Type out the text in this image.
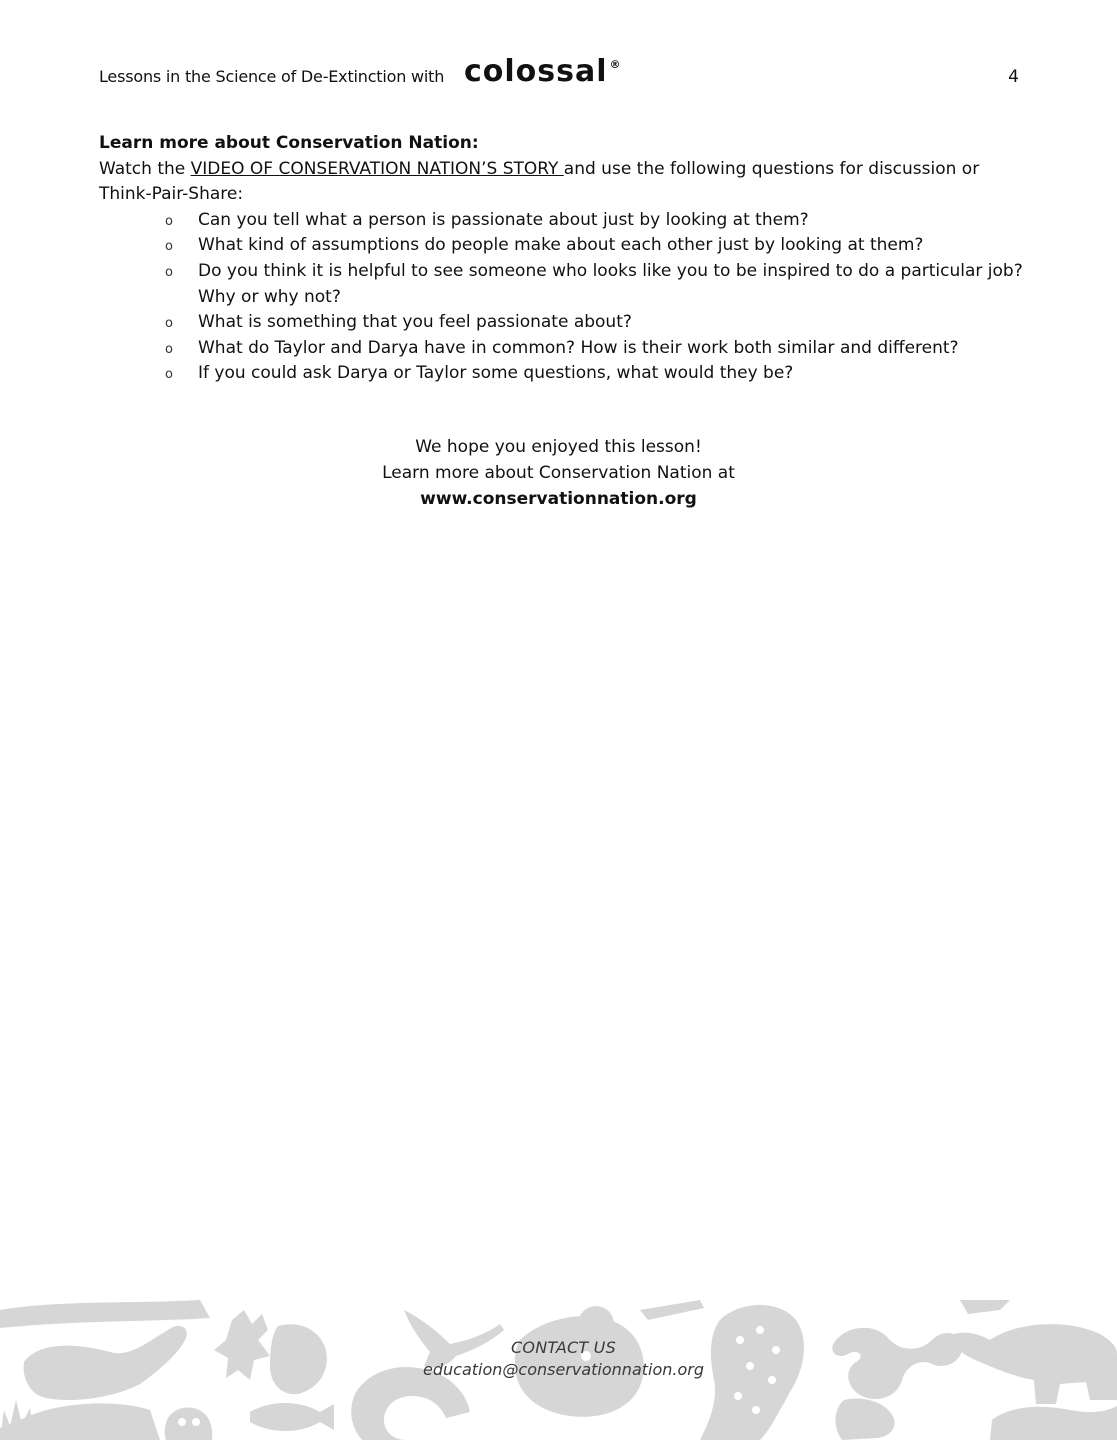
Lessons in the Science of De-Extinction with colossal ®
4

Learn more about Conservation Nation:

Watch the VIDEO OF CONSERVATION NATION’S STORY and use the following questions for discussion or Think-Pair-Share:

o Can you tell what a person is passionate about just by looking at them?
o What kind of assumptions do people make about each other just by looking at them?
o Do you think it is helpful to see someone who looks like you to be inspired to do a particular job? Why or why not?
o What is something that you feel passionate about?
o What do Taylor and Darya have in common? How is their work both similar and different?
o If you could ask Darya or Taylor some questions, what would they be?
We hope you enjoyed this lesson!
Learn more about Conservation Nation at
www.conservationnation.org
CONTACT US
education@conservationnation.org
